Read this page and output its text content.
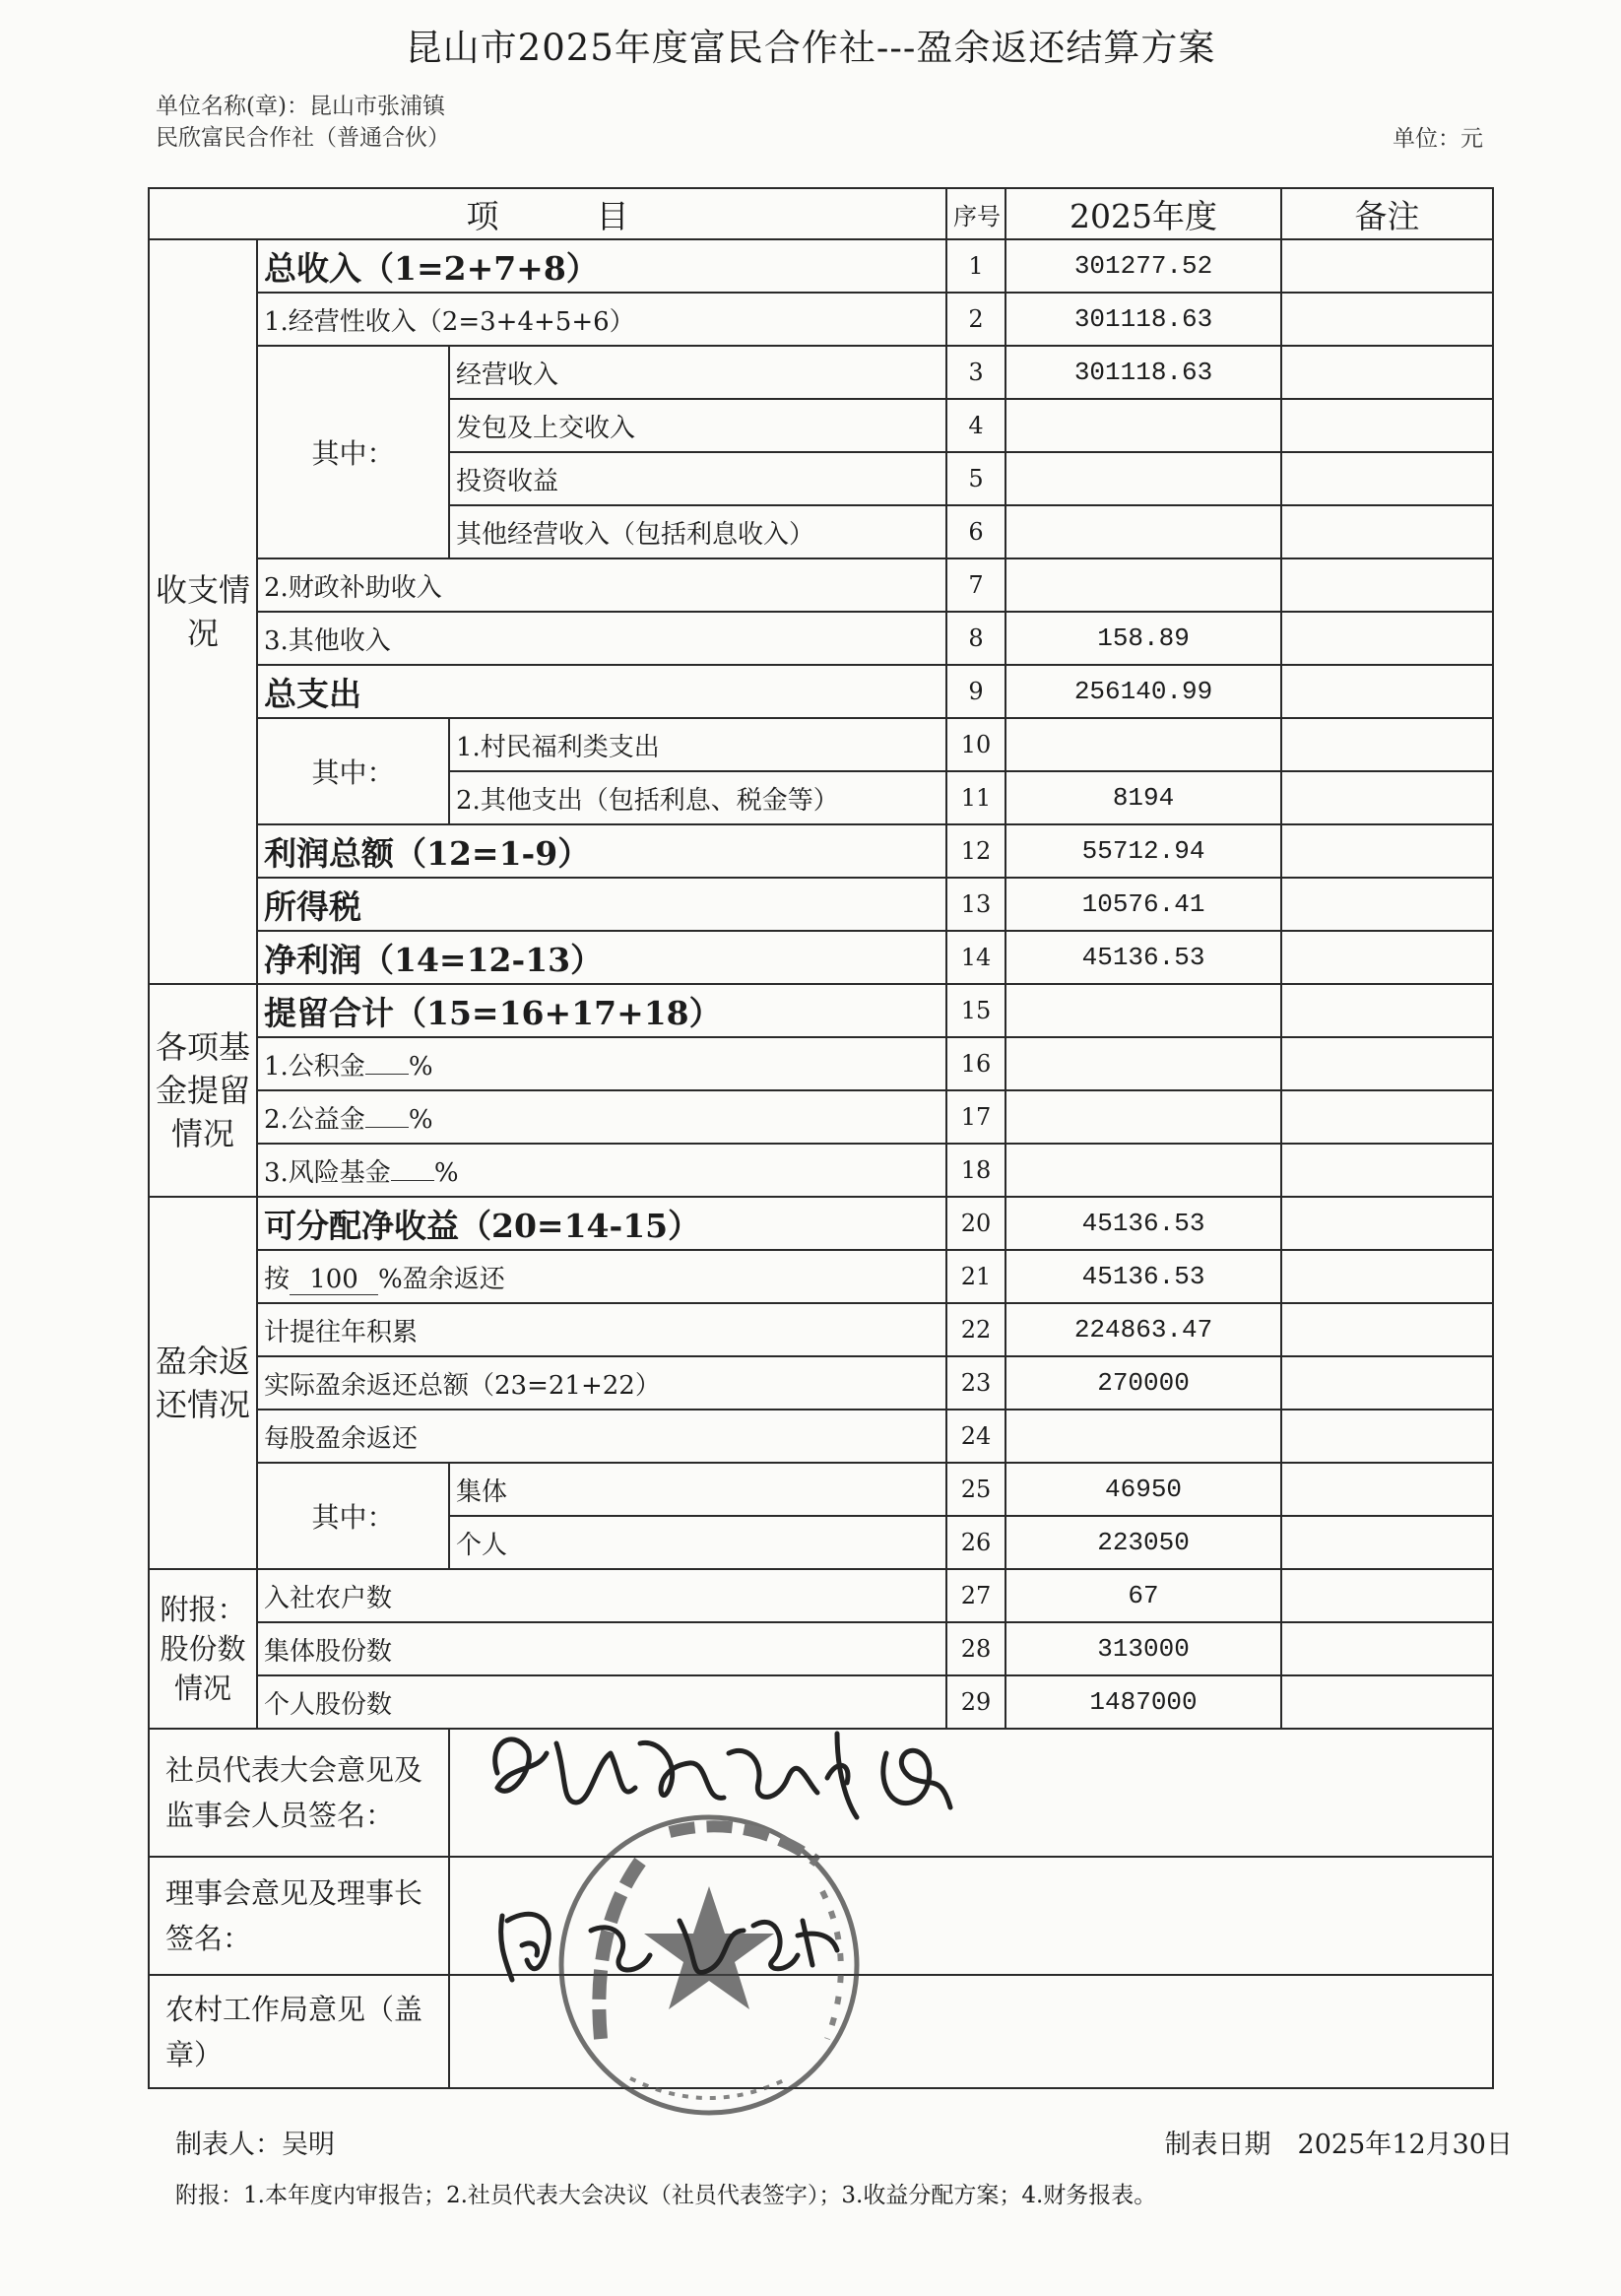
昆山市2025年度富民合作社---盈余返还结算方案
单位名称(章)：昆山市张浦镇民欣富民合作社（普通合伙）	单位：元
项　　　目			序号	2025年度	备注
收支情况	总收入（1=2+7+8）		1	301277.52	
	1.经营性收入（2=3+4+5+6）		2	301118.63	
	其中：	经营收入	3	301118.63	
		发包及上交收入	4		
		投资收益	5		
		其他经营收入（包括利息收入）	6		
	2.财政补助收入		7		
	3.其他收入		8	158.89	
	总支出		9	256140.99	
	其中：	1.村民福利类支出	10		
		2.其他支出（包括利息、税金等）	11	8194	
	利润总额（12=1-9）		12	55712.94	
	所得税		13	10576.41	
	净利润（14=12-13）		14	45136.53	
各项基金提留情况	提留合计（15=16+17+18）		15		
	1.公积金 %		16		
	2.公益金 %		17		
	3.风险基金 %		18		
盈余返还情况	可分配净收益（20=14-15）		20	45136.53	
	按 100 %盈余返还		21	45136.53	
	计提往年积累		22	224863.47	
	实际盈余返还总额（23=21+22）		23	270000	
	每股盈余返还		24		
	其中：	集体	25	46950	
		个人	26	223050	
附报：股份数情况	入社农户数		27	67	
	集体股份数		28	313000	
	个人股份数		29	1487000	
社员代表大会意见及监事会人员签名：					
理事会意见及理事长签名：					
农村工作局意见（盖章）					
制表人：吴明	制表日期　2025年12月30日
附报：1.本年度内审报告；2.社员代表大会决议（社员代表签字）；3.收益分配方案；4.财务报表。
